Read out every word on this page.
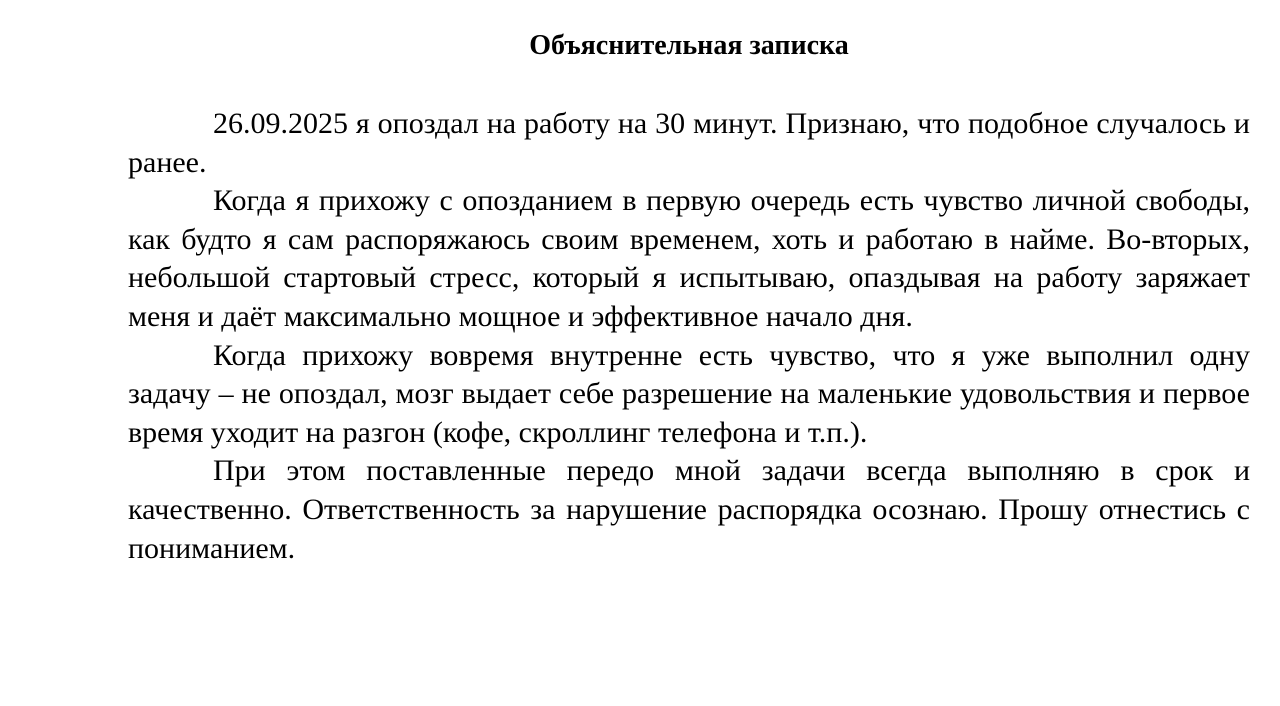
Объяснительная записка

26.09.2025 я опоздал на работу на 30 минут. Признаю, что подобное случалось и ранее.

Когда я прихожу с опозданием в первую очередь есть чувство личной свободы, как будто я сам распоряжаюсь своим временем, хоть и работаю в найме. Во-вторых, небольшой стартовый стресс, который я испытываю, опаздывая на работу заряжает меня и даёт максимально мощное и эффективное начало дня.

Когда прихожу вовремя внутренне есть чувство, что я уже выполнил одну задачу – не опоздал, мозг выдает себе разрешение на маленькие удовольствия и первое время уходит на разгон (кофе, скроллинг телефона и т.п.).

При этом поставленные передо мной задачи всегда выполняю в срок и качественно. Ответственность за нарушение распорядка осознаю. Прошу отнестись с пониманием.
